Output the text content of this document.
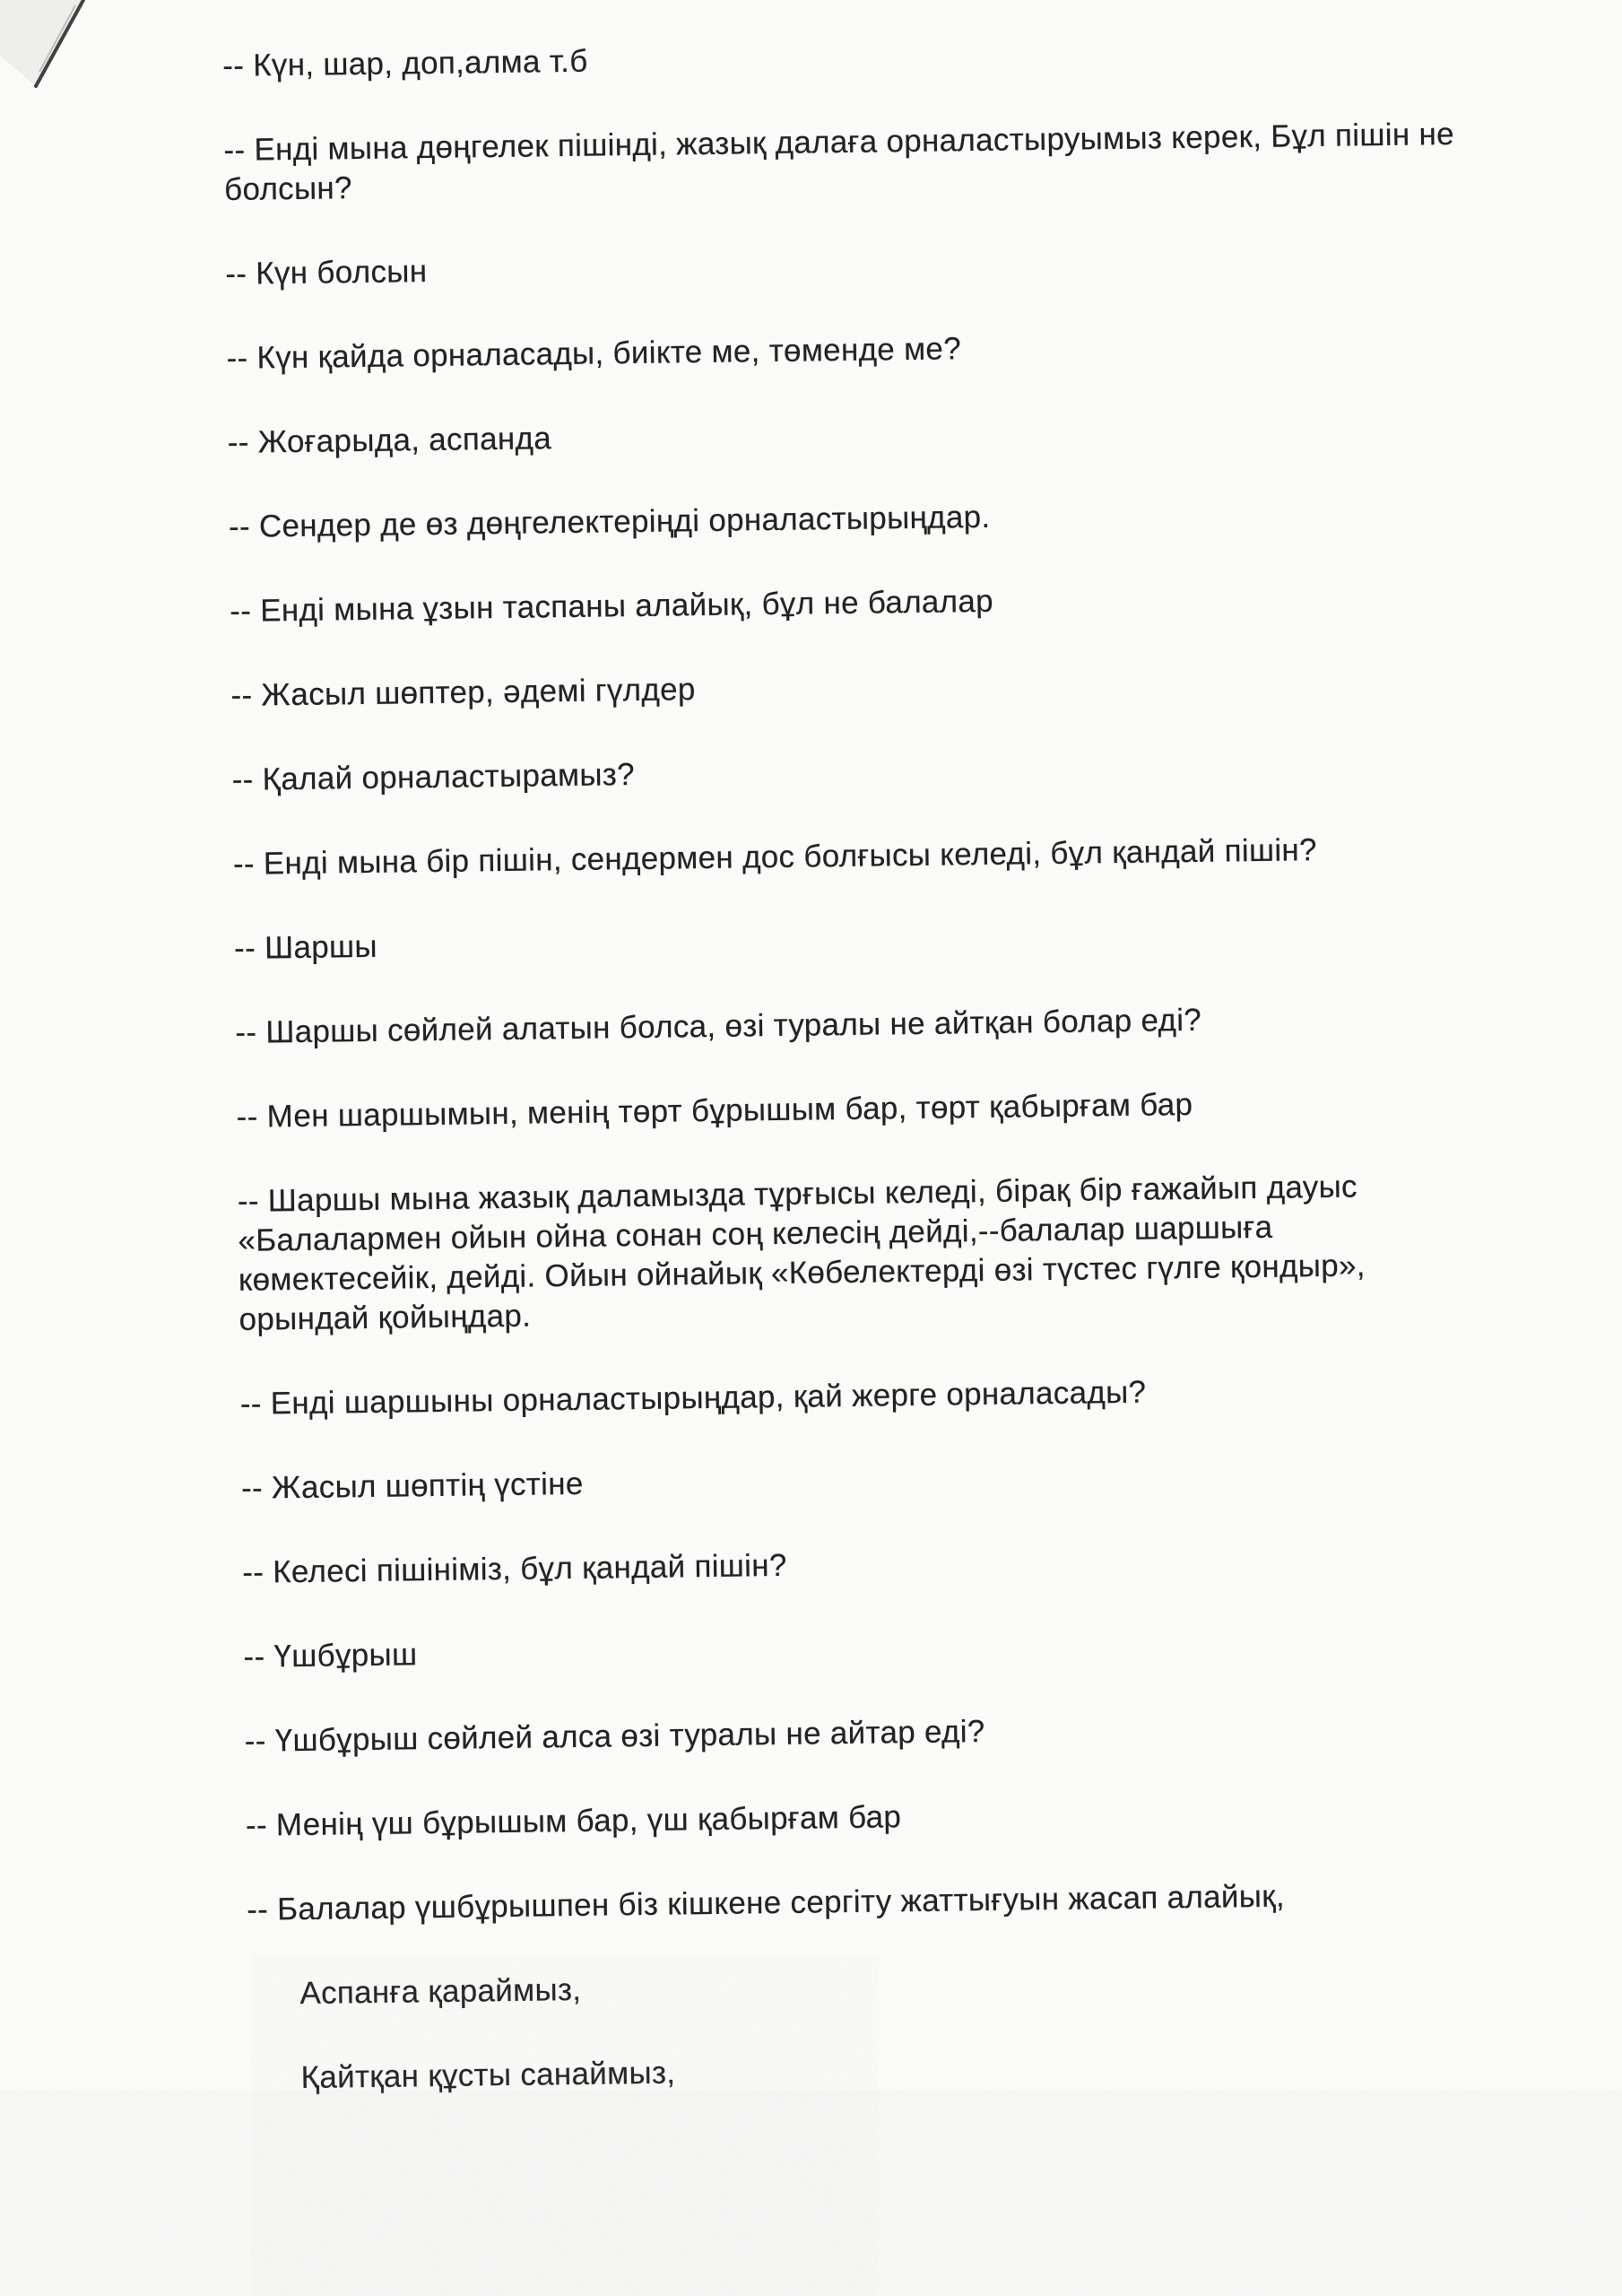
-- Күн, шар, доп,алма т.б

-- Енді мына дөңгелек пішінді, жазық далаға орналастыруымыз керек, Бұл пішін не
болсын?

-- Күн болсын

-- Күн қайда орналасады, биікте ме, төменде ме?

-- Жоғарыда, аспанда

-- Сендер де өз дөңгелектеріңді орналастырыңдар.

-- Енді мына ұзын таспаны алайық, бұл не балалар

-- Жасыл шөптер, әдемі гүлдер

-- Қалай орналастырамыз?

-- Енді мына бір пішін, сендермен дос болғысы келеді, бұл қандай пішін?

-- Шаршы

-- Шаршы сөйлей алатын болса, өзі туралы не айтқан болар еді?

-- Мен шаршымын, менің төрт бұрышым бар, төрт қабырғам бар

-- Шаршы мына жазық даламызда тұрғысы келеді, бірақ бір ғажайып дауыс
«Балалармен ойын ойна сонан соң келесің дейді,--балалар шаршыға
көмектесейік, дейді. Ойын ойнайық «Көбелектерді өзі түстес гүлге қондыр»,
орындай қойыңдар.

-- Енді шаршыны орналастырыңдар, қай жерге орналасады?

-- Жасыл шөптің үстіне

-- Келесі пішініміз, бұл қандай пішін?

-- Үшбұрыш

-- Үшбұрыш сөйлей алса өзі туралы не айтар еді?

-- Менің үш бұрышым бар, үш қабырғам бар

-- Балалар үшбұрышпен біз кішкене сергіту жаттығуын жасап алайық,

Аспанға қараймыз,

Қайтқан құсты санаймыз,
